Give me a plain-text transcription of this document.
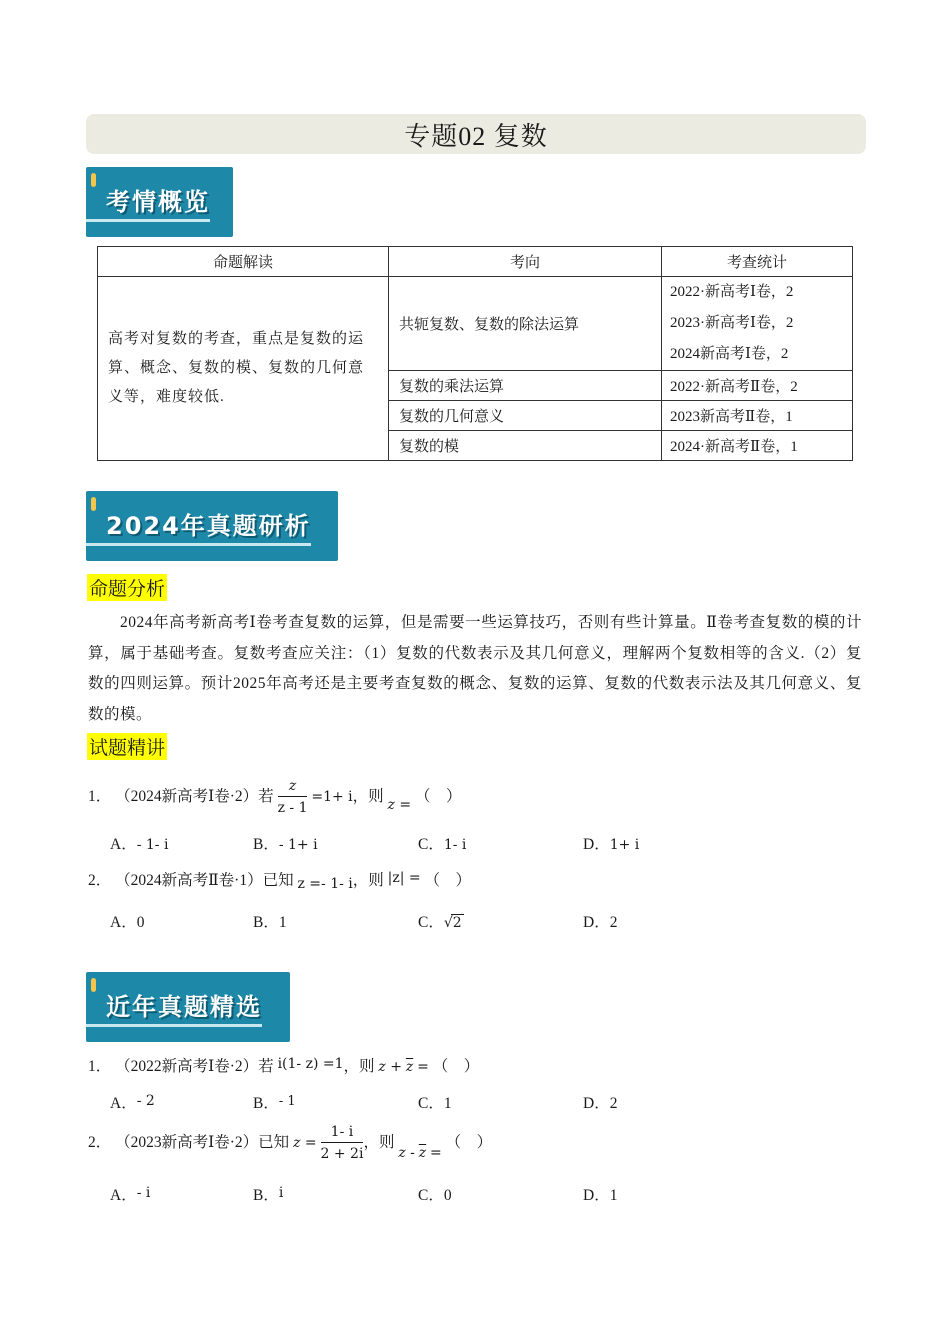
专题02 复数
考情概览
命题解读	考向	考查统计
高考对复数的考查，重点是复数的运算、概念、复数的模、复数的几何意义等，难度较低.	共轭复数、复数的除法运算	2022·新高考Ⅰ卷，2
2023·新高考Ⅰ卷，2
2024新高考Ⅰ卷，2

	复数的乘法运算	2022·新高考Ⅱ卷，2
	复数的几何意义	2023新高考Ⅱ卷，1
	复数的模	2024·新高考Ⅱ卷，1
2024年真题研析
命题分析
2024年高考新高考Ⅰ卷考查复数的运算，但是需要一些运算技巧，否则有些计算量。Ⅱ卷考查复数的模的计算，属于基础考查。复数考查应关注：（1）复数的代数表示及其几何意义，理解两个复数相等的含义.（2）复数的四则运算。预计2025年高考还是主要考查复数的概念、复数的运算、复数的代数表示法及其几何意义、复数的模。
试题精讲
1． （2024新高考Ⅰ卷·2）若 $\frac{z}{z - 1} =1+ i$，则 z = （　）
A．- 1- i	B．- 1+ i	C．1- i	D．1+ i
2． （2024新高考Ⅱ卷·1）已知 z =- 1- i，则 |z| = （　）
A．0	B．1	C．√2	D．2
近年真题精选
1． （2022新高考Ⅰ卷·2）若 i(1- z) =1，则 $z + \overline{z}$ = （　）
A．- 2	B．- 1	C．1	D．2
2． （2023新高考Ⅰ卷·2）已知 $z = \frac{1- i}{2 + 2i}$ ，则 z - $\overline{z}$ = （　）
A．- i	B．i	C．0	D．1
